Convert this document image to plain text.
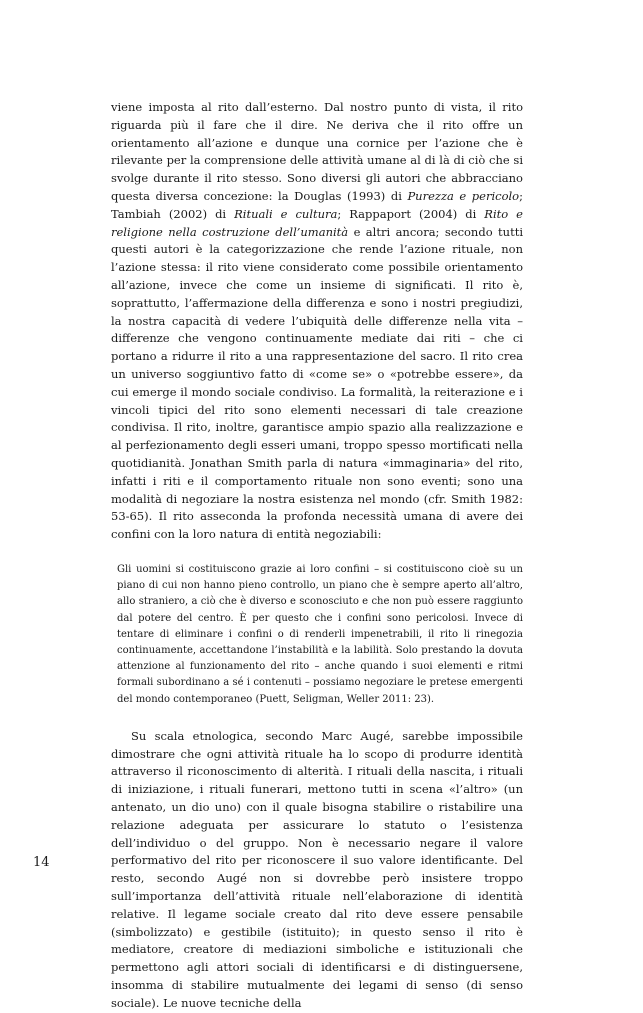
viene imposta al rito dall’esterno. Dal nostro punto di vista, il rito riguarda più il fare che il dire. Ne deriva che il rito offre un orientamento all’azione e dunque una cornice per l’azione che è rilevante per la comprensione delle attività umane al di là di ciò che si svolge durante il rito stesso. Sono diversi gli autori che abbracciano questa diversa concezione: la Douglas (1993) di Purezza e pericolo; Tambiah (2002) di Rituali e cultura; Rappaport (2004) di Rito e religione nella costruzione dell’umanità e altri ancora; secondo tutti questi autori è la categorizzazione che rende l’azione rituale, non l’azione stessa: il rito viene considerato come possibile orientamento all’azione, invece che come un insieme di significati. Il rito è, soprattutto, l’affermazione della differenza e sono i nostri pregiudizi, la nostra capacità di vedere l’ubiquità delle differenze nella vita – differenze che vengono continuamente mediate dai riti – che ci portano a ridurre il rito a una rappresentazione del sacro. Il rito crea un universo soggiuntivo fatto di «come se» o «potrebbe essere», da cui emerge il mondo sociale condiviso. La formalità, la reiterazione e i vincoli tipici del rito sono elementi necessari di tale creazione condivisa. Il rito, inoltre, garantisce ampio spazio alla realizzazione e al perfezionamento degli esseri umani, troppo spesso mortificati nella quotidianità. Jonathan Smith parla di natura «immaginaria» del rito, infatti i riti e il comportamento rituale non sono eventi; sono una modalità di negoziare la nostra esistenza nel mondo (cfr. Smith 1982: 53-65). Il rito asseconda la profonda necessità umana di avere dei confini con la loro natura di entità negoziabili:

Gli uomini si costituiscono grazie ai loro confini – si costituiscono cioè su un piano di cui non hanno pieno controllo, un piano che è sempre aperto all’altro, allo straniero, a ciò che è diverso e sconosciuto e che non può essere raggiunto dal potere del centro. È per questo che i confini sono pericolosi. Invece di tentare di eliminare i confini o di renderli impenetrabili, il rito li rinegozia continuamente, accettandone l’instabilità e la labilità. Solo prestando la dovuta attenzione al funzionamento del rito – anche quando i suoi elementi e ritmi formali subordinano a sé i contenuti – possiamo negoziare le pretese emergenti del mondo contemporaneo (Puett, Seligman, Weller 2011: 23).

Su scala etnologica, secondo Marc Augé, sarebbe impossibile dimostrare che ogni attività rituale ha lo scopo di produrre identità attraverso il riconoscimento di alterità. I rituali della nascita, i rituali di iniziazione, i rituali funerari, mettono tutti in scena «l’altro» (un antenato, un dio uno) con il quale bisogna stabilire o ristabilire una relazione adeguata per assicurare lo statuto o l’esistenza dell’individuo o del gruppo. Non è necessario negare il valore performativo del rito per riconoscere il suo valore identificante. Del resto, secondo Augé non si dovrebbe però insistere troppo sull’importanza dell’attività rituale nell’elaborazione di identità relative. Il legame sociale creato dal rito deve essere pensabile (simbolizzato) e gestibile (istituito); in questo senso il rito è mediatore, creatore di mediazioni simboliche e istituzionali che permettono agli attori sociali di identificarsi e di distinguersene, insomma di stabilire mutualmente dei legami di senso (di senso sociale). Le nuove tecniche della

14
